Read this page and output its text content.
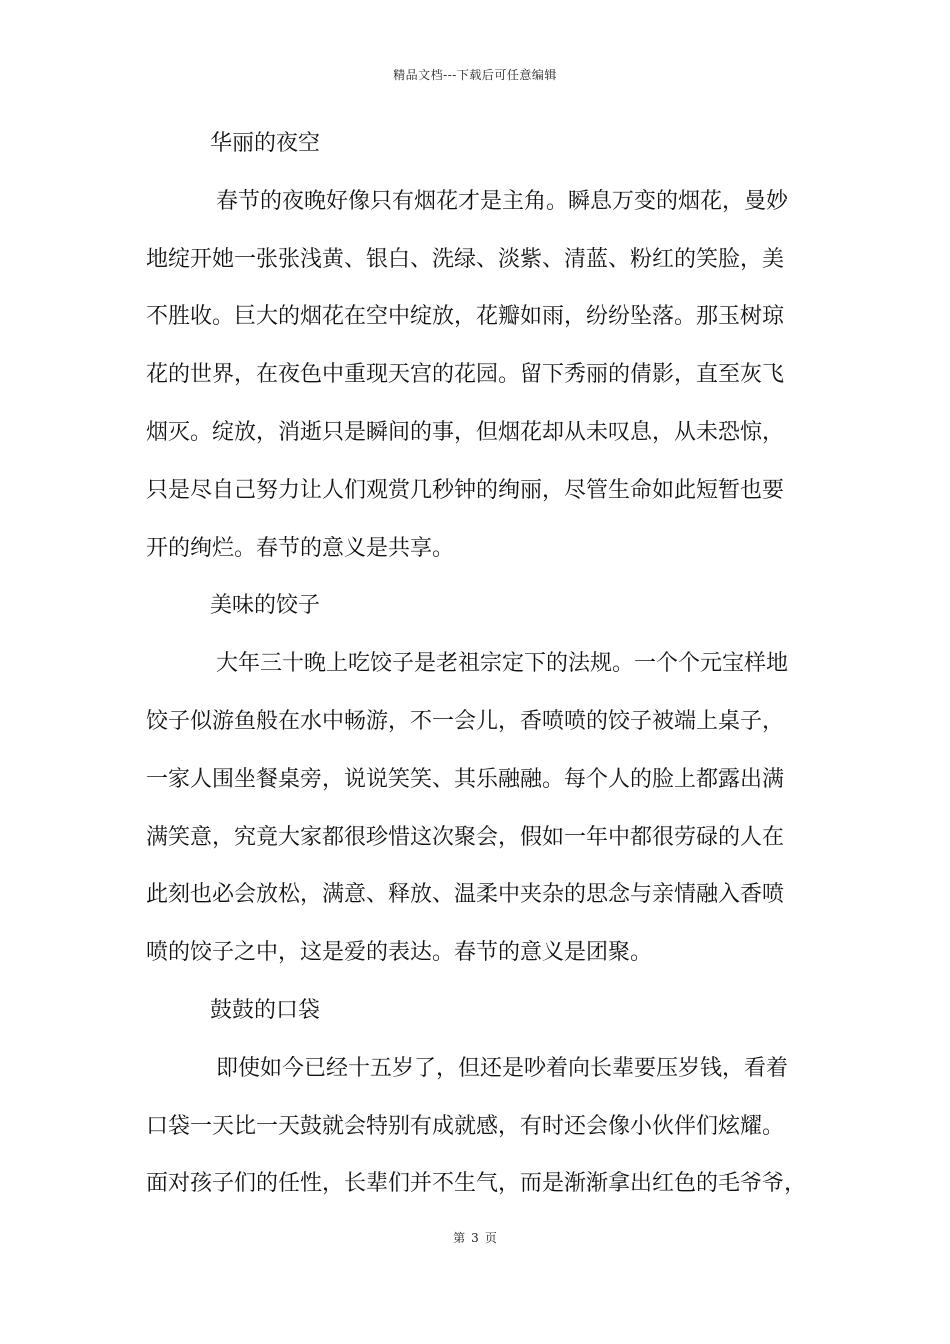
精品文档---下载后可任意编辑
华丽的夜空
春节的夜晚好像只有烟花才是主角。瞬息万变的烟花，曼妙
地绽开她一张张浅黄、银白、洗绿、淡紫、清蓝、粉红的笑脸，美
不胜收。巨大的烟花在空中绽放，花瓣如雨，纷纷坠落。那玉树琼
花的世界，在夜色中重现天宫的花园。留下秀丽的倩影，直至灰飞
烟灭。绽放，消逝只是瞬间的事，但烟花却从未叹息，从未恐惊，
只是尽自己努力让人们观赏几秒钟的绚丽，尽管生命如此短暂也要
开的绚烂。春节的意义是共享。
美味的饺子
大年三十晚上吃饺子是老祖宗定下的法规。一个个元宝样地
饺子似游鱼般在水中畅游，不一会儿，香喷喷的饺子被端上桌子，
一家人围坐餐桌旁，说说笑笑、其乐融融。每个人的脸上都露出满
满笑意，究竟大家都很珍惜这次聚会，假如一年中都很劳碌的人在
此刻也必会放松，满意、释放、温柔中夹杂的思念与亲情融入香喷
喷的饺子之中，这是爱的表达。春节的意义是团聚。
鼓鼓的口袋
即使如今已经十五岁了，但还是吵着向长辈要压岁钱，看着
口袋一天比一天鼓就会特别有成就感，有时还会像小伙伴们炫耀。
面对孩子们的任性，长辈们并不生气，而是渐渐拿出红色的毛爷爷，
第 3 页
